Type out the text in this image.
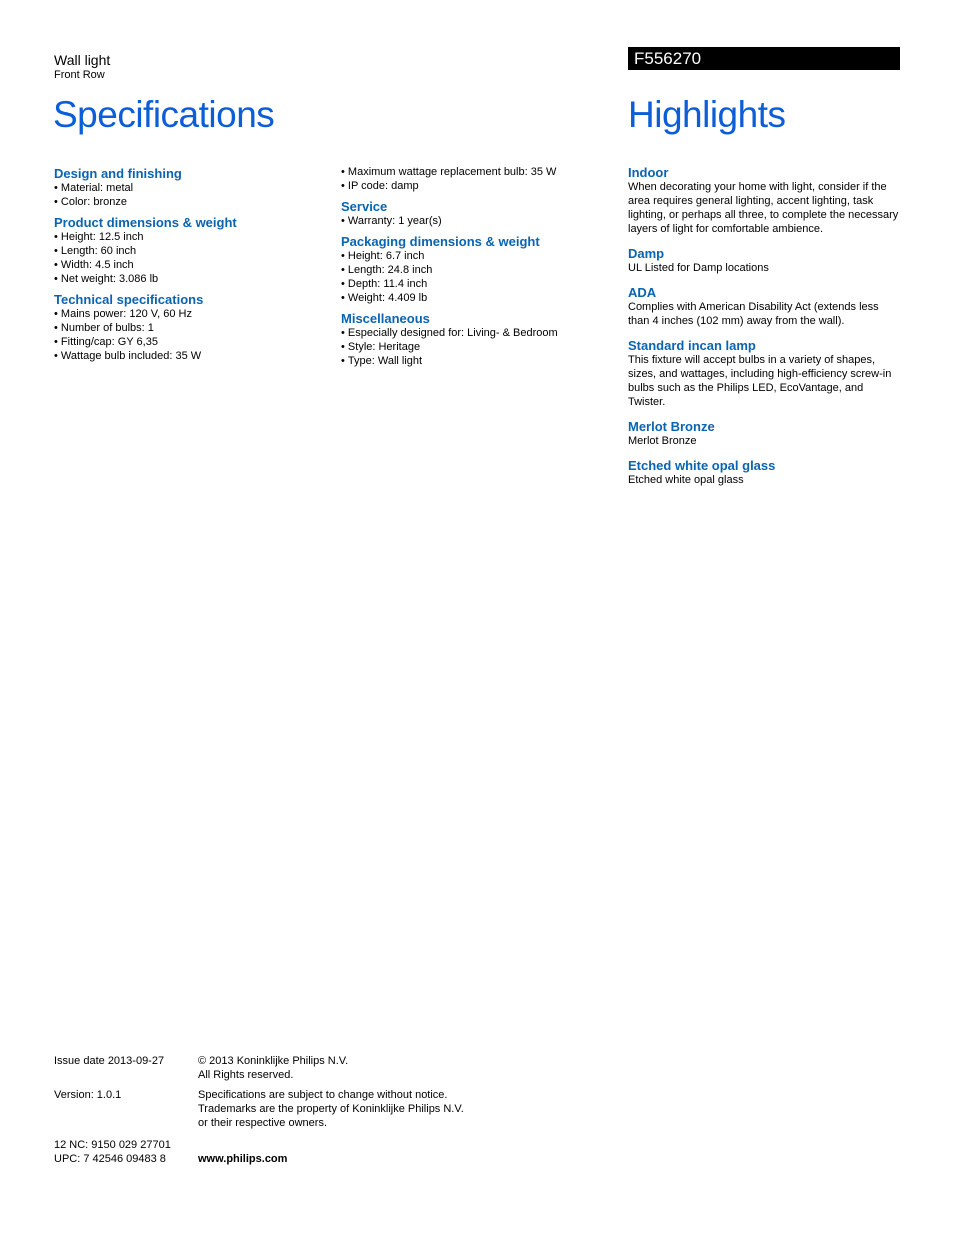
Wall light
Front Row
F556270
Specifications	Highlights
Design and finishing
• Material: metal
• Color: bronze
Product dimensions & weight
• Height: 12.5 inch
• Length: 60 inch
• Width: 4.5 inch
• Net weight: 3.086 lb
Technical specifications
• Mains power: 120 V, 60 Hz
• Number of bulbs: 1
• Fitting/cap: GY 6,35
• Wattage bulb included: 35 W
• Maximum wattage replacement bulb: 35 W
• IP code: damp
Service
• Warranty: 1 year(s)
Packaging dimensions & weight
• Height: 6.7 inch
• Length: 24.8 inch
• Depth: 11.4 inch
• Weight: 4.409 lb
Miscellaneous
• Especially designed for: Living- & Bedroom
• Style: Heritage
• Type: Wall light
Indoor
When decorating your home with light, consider if the area requires general lighting, accent lighting, task lighting, or perhaps all three, to complete the necessary layers of light for comfortable ambience.
Damp
UL Listed for Damp locations
ADA
Complies with American Disability Act (extends less than 4 inches (102 mm) away from the wall).
Standard incan lamp
This fixture will accept bulbs in a variety of shapes, sizes, and wattages, including high-efficiency screw-in bulbs such as the Philips LED, EcoVantage, and Twister.
Merlot Bronze
Merlot Bronze
Etched white opal glass
Etched white opal glass
Issue date 2013-09-27	© 2013 Koninklijke Philips N.V.
All Rights reserved.
Version: 1.0.1	Specifications are subject to change without notice.
Trademarks are the property of Koninklijke Philips N.V.
or their respective owners.
12 NC: 9150 029 27701
UPC: 7 42546 09483 8	www.philips.com
